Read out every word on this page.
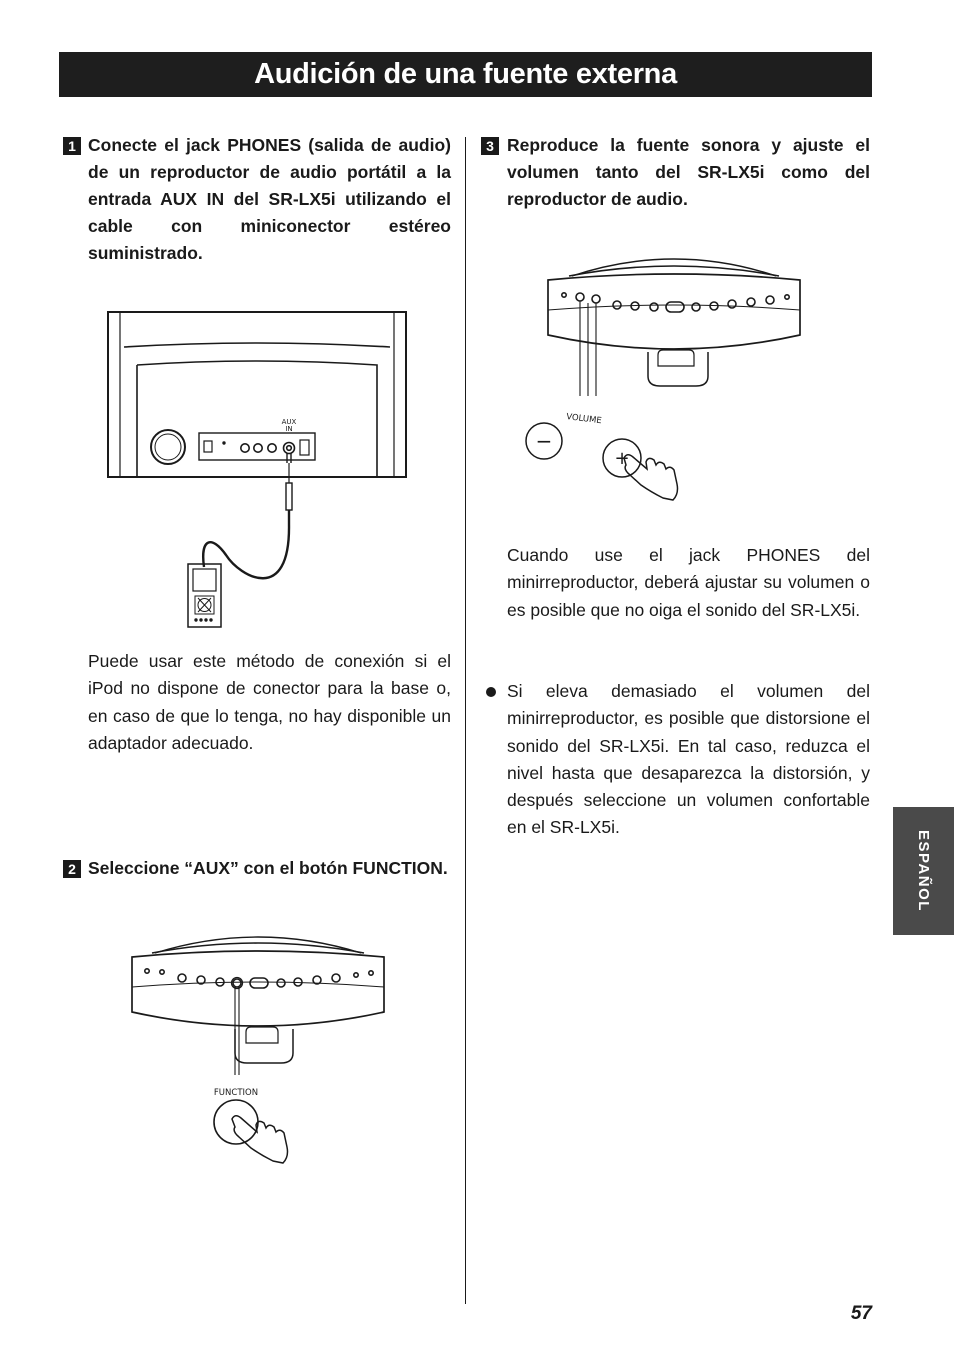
Audición de una fuente externa
1 Conecte el jack PHONES (salida de audio) de un reproductor de audio portátil a la entrada AUX IN del SR-LX5i utilizando el cable con miniconector estéreo suministrado.
AUX
IN
Puede usar este método de conexión si el iPod no dispone de conector para la base o, en caso de que lo tenga, no hay disponible un adaptador adecuado.
2 Seleccione “AUX” con el botón FUNCTION.
FUNCTION
3 Reproduce la fuente sonora y ajuste el volumen tanto del SR-LX5i como del reproductor de audio.
VOLUME
−
+
Cuando use el jack PHONES del minirreproductor, deberá ajustar su volumen o es posible que no oiga el sonido del SR-LX5i.
Si eleva demasiado el volumen del minirreproductor, es posible que distorsione el sonido del SR-LX5i. En tal caso, reduzca el nivel hasta que desaparezca la distorsión, y después seleccione un volumen confortable en el SR-LX5i.
ESPAÑOL
57
